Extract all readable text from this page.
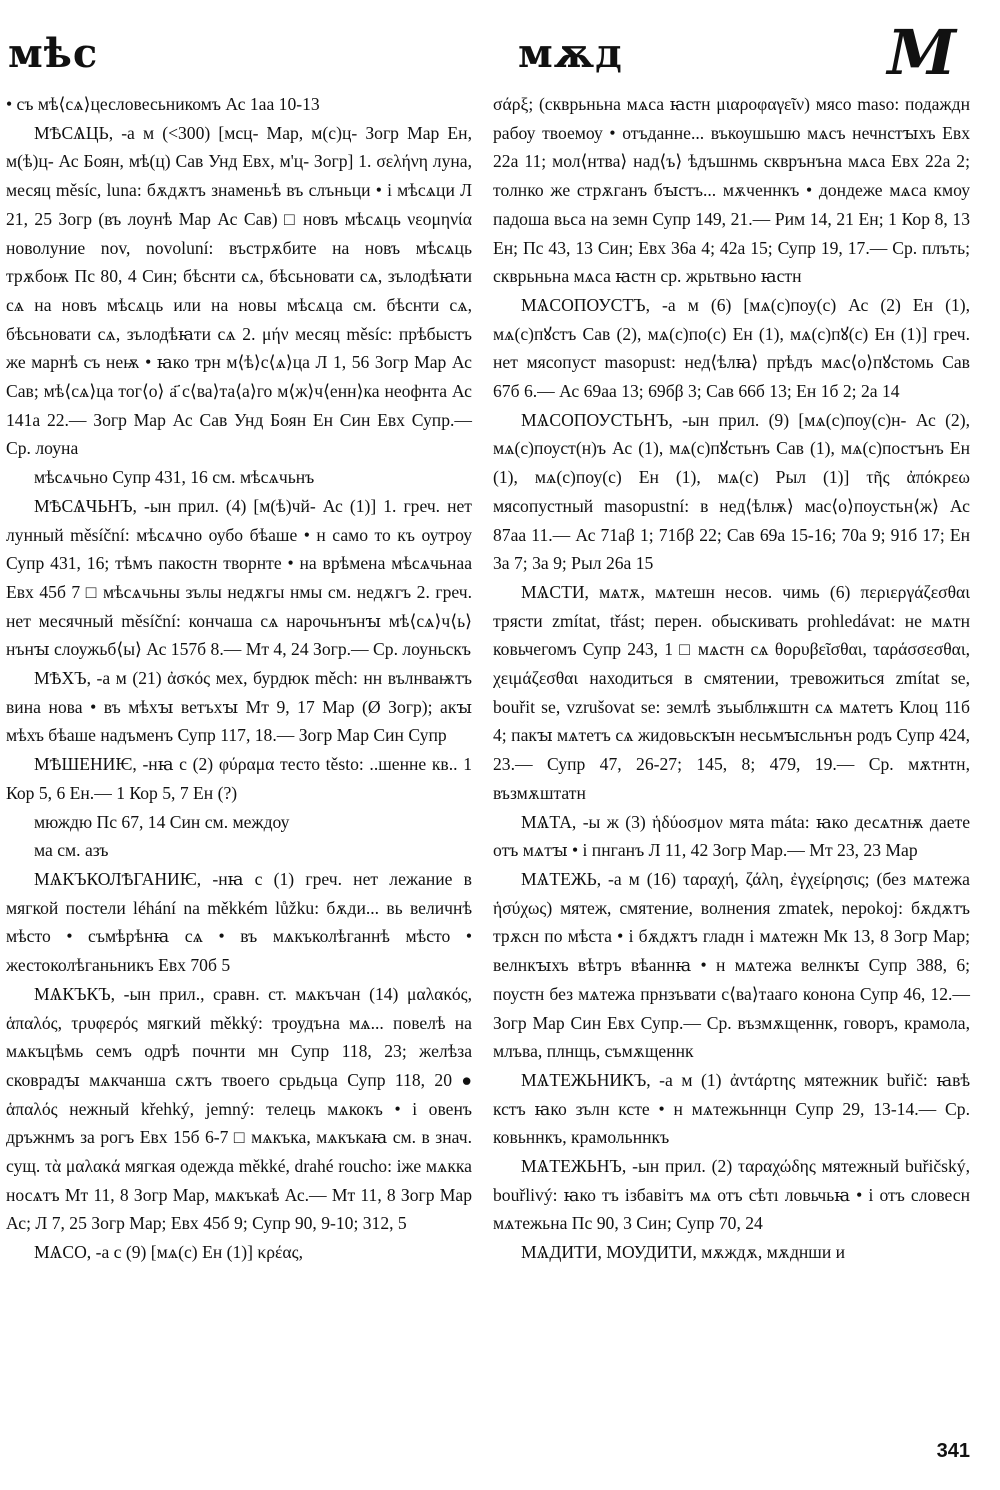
мѣс	мѫд	М

• съ мѣ⟨сѧ⟩цесловесьникомъ Ас 1аа 10-13

МѢСѦЦЬ, -а м (<300) [мсц- Мар, м(с)ц- Зогр Мар Ен, м(ѣ)ц- Ас Боян, мѣ(ц) Сав Унд Евх, м'ц- Зогр] 1. σελήνη луна, месяц měsíc, luna: бѫдѫтъ знаменьѣ въ слъньци • і мѣсѧци Л 21, 25 Зогр (въ лоунѣ Мар Ас Сав) □ новъ мѣсѧць νεομηνία новолуние nov, novoluní: въстрѫбите на новъ мѣсѧць трѫбоѭ Пс 80, 4 Син; бѣснти сѧ, бѣсьновати сѧ, зълодѣꙗти сѧ на новъ мѣсѧць или на новы мѣсѧца см. бѣснти сѧ, бѣсьновати сѧ, зълодѣꙗти сѧ 2. μήν месяц měsíc: прѣбыстъ же марнѣ съ неѭ • ꙗко трн м⟨ѣ⟩с⟨ѧ⟩ца Л 1, 56 Зогр Мар Ас Сав; мѣ⟨сѧ⟩ца тог⟨о⟩ а҃ с⟨ва⟩та⟨а⟩го м⟨ж⟩ч⟨енн⟩ка неофнта Ас 141а 22.— Зогр Мар Ас Сав Унд Боян Ен Син Евх Супр.— Ср. лоуна

мѣсѧчьно Супр 431, 16 см. мѣсѧчьнъ

МѢСѦЧЬНЪ, -ын прил. (4) [м(ѣ)чй- Ас (1)] 1. греч. нет лунный měsíční: мѣсѧчно оубо бѣаше • н само то къ оутроу Супр 431, 16; тѣмъ пакостн творнте • на врѣмена мѣсѧчьнаа Евх 45б 7 □ мѣсѧчьны зълы недѫгы нмы см. недѫгъ 2. греч. нет месячный měsíční: кончаша сѧ нарочьнънꙑ мѣ⟨сѧ⟩ч⟨ь⟩нънꙑ слоужьб⟨ы⟩ Ас 157б 8.— Мт 4, 24 Зогр.— Ср. лоуньскъ

МѢХЪ, -а м (21) ἀσκός мех, бурдюк měch: нн вълнваѭтъ вина нова • въ мѣхꙑ ветъхꙑ Мт 9, 17 Мар (Ø Зогр); акꙑ мѣхъ бѣаше надъменъ Супр 117, 18.— Зогр Мар Син Супр

МѢШЕНИѤ, -нꙗ с (2) φύραμα тесто těsto: ..шенне кв.. 1 Кор 5, 6 Ен.— 1 Кор 5, 7 Ен (?)

мюждю Пс 67, 14 Син см. междоу

ма см. азъ

МѦКЪКОЛѢГАНИѤ, -нꙗ с (1) греч. нет лежание в мягкой постели léhání na měkkém lůžku: бѫди... вь величнѣ мѣсто • съмѣрѣнꙗ сѧ • въ мѧкъколѣганнѣ мѣсто • жестоколѣганьникъ Евх 70б 5

МѦКЪКЪ, -ын прил., сравн. ст. мѧкъчан (14) μαλακός, ἁπαλός, τρυφερός мягкий měkký: троудъна мѧ... повелѣ на мѧкъцѣмь семъ одрѣ почнти мн Супр 118, 23; желѣза сковрадꙑ мѧкчанша сѫтъ твоего срьдьца Супр 118, 20 ● ἁπαλός нежный křehký, jemný: телець мѧкокъ • і овенъ дръжнмъ за рогъ Евх 15б 6-7 □ мѧкъка, мѧкъкаꙗ см. в знач. сущ. τὰ μαλακά мягкая одежда měkké, drahé roucho: іже мѧкка носѧтъ Мт 11, 8 Зогр Мар, мѧкъкаѣ Ас.— Мт 11, 8 Зогр Мар Ас; Л 7, 25 Зогр Мар; Евх 45б 9; Супр 90, 9-10; 312, 5

МѦСО, -а с (9) [мѧ(с) Ен (1)] κρέας,

σάρξ; (скврьньна мѧса ꙗстн μιαροφαγεῖν) мясо maso: подаждн рабоу твоемоу • отъданне... въкоушьшю мѧсъ нечнстꙑхъ Евх 22а 11; мол⟨нтва⟩ над⟨ъ⟩ ѣдъшнмь скврънъна мѧса Евх 22а 2; толнко же стрѫганъ бꙑстъ... мѫченнкъ • дондеже мѧса кмоу падоша вьса на земн Супр 149, 21.— Рим 14, 21 Ен; 1 Кор 8, 13 Ен; Пс 43, 13 Син; Евх 36а 4; 42а 15; Супр 19, 17.— Ср. плъть; скврьньна мѧса ꙗстн ср. жрьтвьно ꙗстн

МѦСОПОУСТЪ, -а м (6) [мѧ(с)поу(с) Ас (2) Ен (1), мѧ(с)пꙋстъ Сав (2), мѧ(с)по(с) Ен (1), мѧ(с)пꙋ(с) Ен (1)] греч. нет мясопуст masopust: нед⟨ѣлꙗ⟩ прѣдъ мѧс⟨о⟩пꙋстомь Сав 67б 6.— Ас 69аа 13; 69бβ 3; Сав 66б 13; Ен 1б 2; 2а 14

МѦСОПОУСТЬНЪ, -ын прил. (9) [мѧ(с)поу(с)н- Ас (2), мѧ(с)поуст(н)ъ Ас (1), мѧ(с)пꙋстьнъ Сав (1), мѧ(с)постънъ Ен (1), мѧ(с)поу(с) Ен (1), мѧ(с) Рыл (1)] τῆς ἀπόκρεω мясопустный masopustní: в нед⟨ѣлѭ⟩ мас⟨о⟩поустьн⟨ж⟩ Ас 87аа 11.— Ас 71аβ 1; 71бβ 22; Сав 69а 15-16; 70а 9; 91б 17; Ен 3а 7; 3а 9; Рыл 26а 15

МѦСТИ, мѧтѫ, мѧтешн несов. чимь (6) περιεργάζεσθαι трясти zmítat, třást; перен. обыскивать prohledávat: не мѧтн ковьчегомъ Супр 243, 1 □ мѧстн сѧ θορυβεῖσθαι, ταράσσεσθαι, χειμάζεσθαι находиться в смятении, тревожиться zmítat se, bouřit se, vzrušovat se: землѣ зъыблѭштн сѧ мѧтетъ Клоц 11б 4; пакꙑ мѧтетъ сѧ жидовьскꙑн несьмꙑсльнън родъ Супр 424, 23.— Супр 47, 26-27; 145, 8; 479, 19.— Ср. мѫтнтн, възмѫштатн

МѦТА, -ы ж (3) ἡδύοσμον мята máta: ꙗко десѧтнѭ даете отъ мѧтꙑ • і пнганъ Л 11, 42 Зогр Мар.— Мт 23, 23 Мар

МѦТЕЖЬ, -а м (16) ταραχή, ζάλη, ἐγχείρησις; (без мѧтежа ἡσύχως) мятеж, смятение, волнения zmatek, nepokoj: бѫдѫтъ трѫсн по мѣста • і бѫдѫтъ гладн і мѧтежн Мк 13, 8 Зогр Мар; велнкꙑхъ вѣтръ вѣаннꙗ • н мѧтежа велнкꙑ Супр 388, 6; поустн без мѧтежа прнзъвати с⟨ва⟩тааго конона Супр 46, 12.— Зогр Мар Син Евх Супр.— Ср. възмѫщеннк, говоръ, крамола, млъва, плнщь, съмѫщеннк

МѦТЕЖЬНИКЪ, -а м (1) ἀντάρτης мятежник buřič: ꙗвѣ кстъ ꙗко зълн ксте • н мѧтежьннцн Супр 29, 13-14.— Ср. ковьннкъ, крамольннкъ

МѦТЕЖЬНЪ, -ын прил. (2) ταραχώδης мятежный buřičský, bouřlivý: ꙗко тъ ізбавітъ мѧ отъ сѣтı ловьчьꙗ • і отъ словесн мѧтежьна Пс 90, 3 Син; Супр 70, 24

МѦДИТИ, МОУДИТИ, мѫждѫ, мѫднши и

341
